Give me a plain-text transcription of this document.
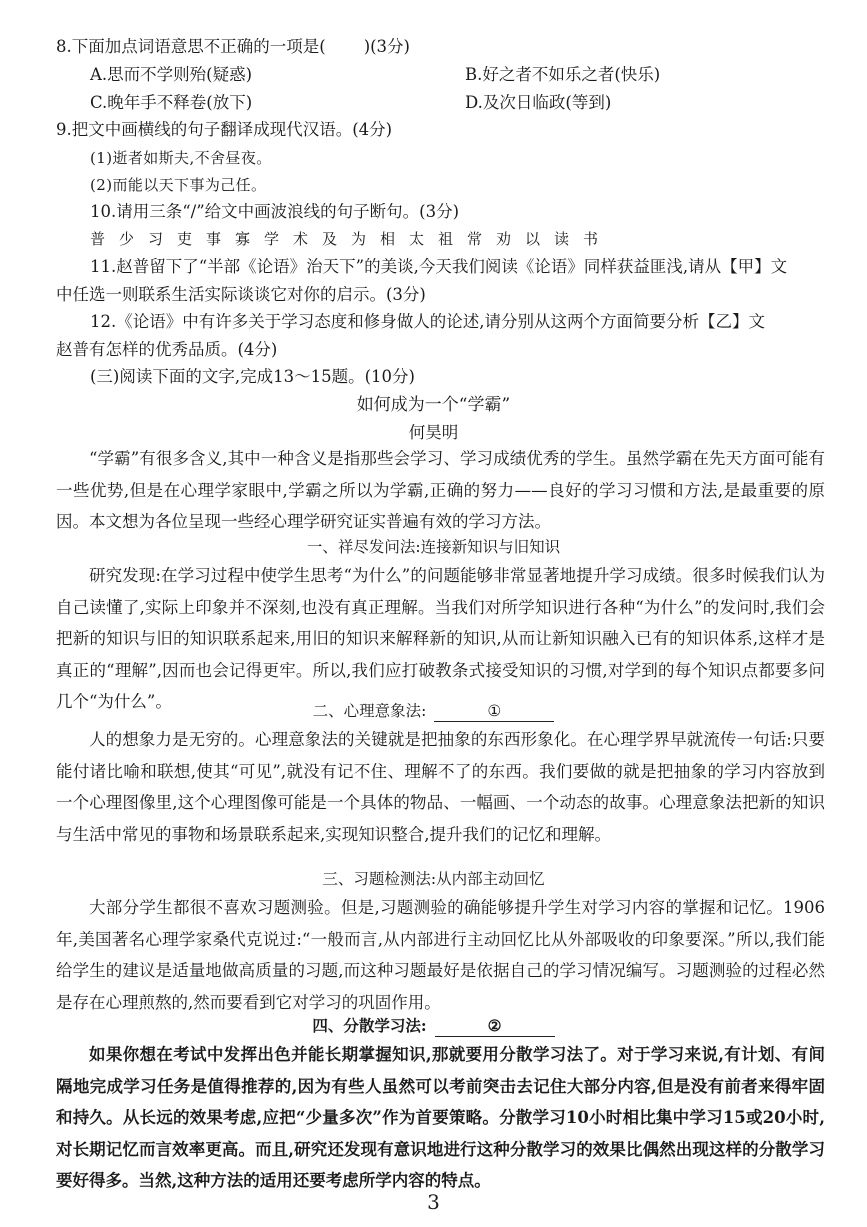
8.下面加点词语意思不正确的一项是( )(3分)
A.思而不学则殆(疑惑)	B.好之者不如乐之者(快乐)
C.晚年手不释卷(放下)	D.及次日临政(等到)
9.把文中画横线的句子翻译成现代汉语。(4分)
(1)逝者如斯夫,不舍昼夜。
(2)而能以天下事为己任。
10.请用三条“/”给文中画波浪线的句子断句。(3分)
普少习吏事寡学术及为相太祖常劝以读书
11.赵普留下了“半部《论语》治天下”的美谈,今天我们阅读《论语》同样获益匪浅,请从【甲】文
中任选一则联系生活实际谈谈它对你的启示。(3分)
12.《论语》中有许多关于学习态度和修身做人的论述,请分别从这两个方面简要分析【乙】文
赵普有怎样的优秀品质。(4分)
(三)阅读下面的文字,完成13～15题。(10分)
如何成为一个“学霸”
何昊明
“学霸”有很多含义,其中一种含义是指那些会学习、学习成绩优秀的学生。虽然学霸在先天方面可能有一些优势,但是在心理学家眼中,学霸之所以为学霸,正确的努力——良好的学习习惯和方法,是最重要的原因。本文想为各位呈现一些经心理学研究证实普遍有效的学习方法。
一、祥尽发问法:连接新知识与旧知识
研究发现:在学习过程中使学生思考“为什么”的问题能够非常显著地提升学习成绩。很多时候我们认为自己读懂了,实际上印象并不深刻,也没有真正理解。当我们对所学知识进行各种“为什么”的发问时,我们会把新的知识与旧的知识联系起来,用旧的知识来解释新的知识,从而让新知识融入已有的知识体系,这样才是真正的“理解”,因而也会记得更牢。所以,我们应打破教条式接受知识的习惯,对学到的每个知识点都要多问几个“为什么”。	二、心理意象法:	①
人的想象力是无穷的。心理意象法的关键就是把抽象的东西形象化。在心理学界早就流传一句话:只要能付诸比喻和联想,使其“可见”,就没有记不住、理解不了的东西。我们要做的就是把抽象的学习内容放到一个心理图像里,这个心理图像可能是一个具体的物品、一幅画、一个动态的故事。心理意象法把新的知识与生活中常见的事物和场景联系起来,实现知识整合,提升我们的记忆和理解。
三、习题检测法:从内部主动回忆
大部分学生都很不喜欢习题测验。但是,习题测验的确能够提升学生对学习内容的掌握和记忆。1906年,美国著名心理学家桑代克说过:“一般而言,从内部进行主动回忆比从外部吸收的印象要深。”所以,我们能给学生的建议是适量地做高质量的习题,而这种习题最好是依据自己的学习情况编写。习题测验的过程必然是存在心理煎熬的,然而要看到它对学习的巩固作用。
四、分散学习法:	②
如果你想在考试中发挥出色并能长期掌握知识,那就要用分散学习法了。对于学习来说,有计划、有间隔地完成学习任务是值得推荐的,因为有些人虽然可以考前突击去记住大部分内容,但是没有前者来得牢固和持久。从长远的效果考虑,应把“少量多次”作为首要策略。分散学习10小时相比集中学习15或20小时,对长期记忆而言效率更高。而且,研究还发现有意识地进行这种分散学习的效果比偶然出现这样的分散学习要好得多。当然,这种方法的适用还要考虑所学内容的特点。
3
